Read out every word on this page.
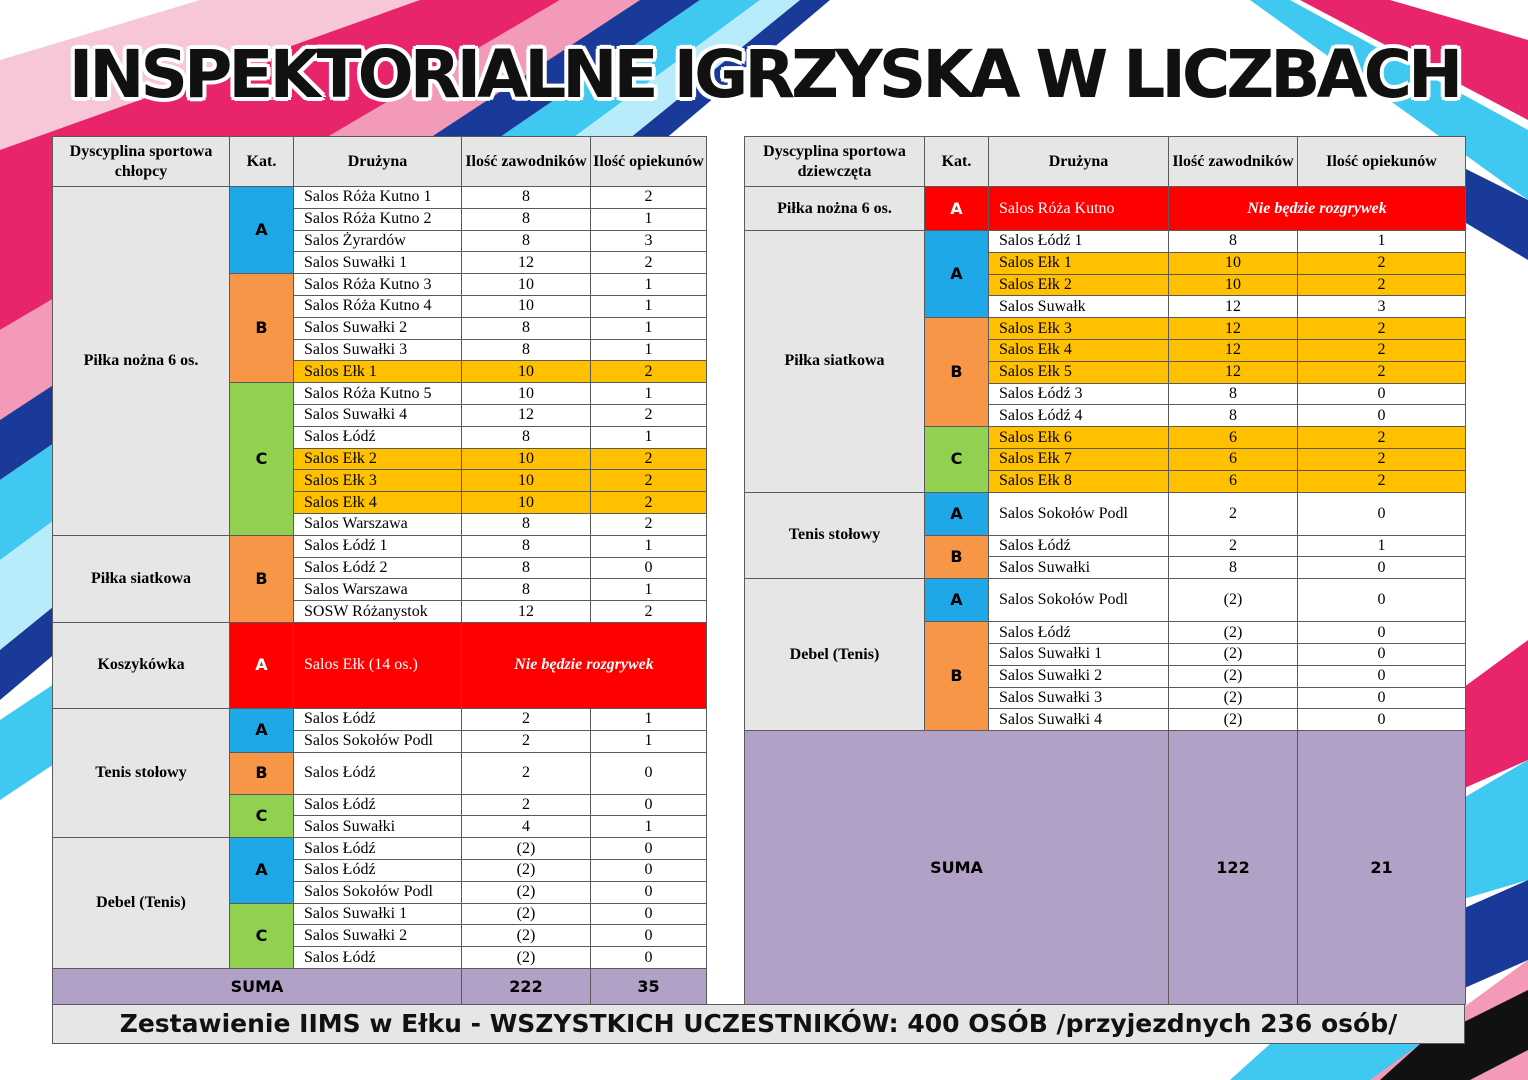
INSPEKTORIALNE IGRZYSKA W LICZBACH
Dyscyplina sportowa chłopcy	Kat.	Drużyna	Ilość zawodników	Ilość opiekunów
Piłka nożna 6 os.	A	Salos Róża Kutno 1	8	2
		Salos Róża Kutno 2	8	1
		Salos Żyrardów	8	3
		Salos Suwałki 1	12	2
	B	Salos Róża Kutno 3	10	1
		Salos Róża Kutno 4	10	1
		Salos Suwałki 2	8	1
		Salos Suwałki 3	8	1
		Salos Ełk 1	10	2
	C	Salos Róża Kutno 5	10	1
		Salos Suwałki 4	12	2
		Salos Łódź	8	1
		Salos Ełk 2	10	2
		Salos Ełk 3	10	2
		Salos Ełk 4	10	2
		Salos Warszawa	8	2
Piłka siatkowa	B	Salos Łódź 1	8	1
		Salos Łódź 2	8	0
		Salos Warszawa	8	1
		SOSW Różanystok	12	2
Koszykówka	A	Salos Ełk (14 os.)	Nie będzie rozgrywek	
Tenis stołowy	A	Salos Łódź	2	1
		Salos Sokołów Podl	2	1
	B	Salos Łódź	2	0
	C	Salos Łódź	2	0
		Salos Suwałki	4	1
Debel (Tenis)	A	Salos Łódź	(2)	0
		Salos Łódź	(2)	0
		Salos Sokołów Podl	(2)	0
	C	Salos Suwałki 1	(2)	0
		Salos Suwałki 2	(2)	0
		Salos Łódź	(2)	0
SUMA			222	35
Dyscyplina sportowa dziewczęta	Kat.	Drużyna	Ilość zawodników	Ilość opiekunów
Piłka nożna 6 os.	A	Salos Róża Kutno	Nie będzie rozgrywek	
Piłka siatkowa	A	Salos Łódź 1	8	1
		Salos Ełk 1	10	2
		Salos Ełk 2	10	2
		Salos Suwałk	12	3
	B	Salos Ełk 3	12	2
		Salos Ełk 4	12	2
		Salos Ełk 5	12	2
		Salos Łódź 3	8	0
		Salos Łódź 4	8	0
	C	Salos Ełk 6	6	2
		Salos Ełk 7	6	2
		Salos Ełk 8	6	2
Tenis stołowy	A	Salos Sokołów Podl	2	0
	B	Salos Łódź	2	1
		Salos Suwałki	8	0
Debel (Tenis)	A	Salos Sokołów Podl	(2)	0
	B	Salos Łódź	(2)	0
		Salos Suwałki 1	(2)	0
		Salos Suwałki 2	(2)	0
		Salos Suwałki 3	(2)	0
		Salos Suwałki 4	(2)	0
SUMA			122	21
Zestawienie IIMS w Ełku - WSZYSTKICH UCZESTNIKÓW: 400 OSÓB /przyjezdnych 236 osób/
